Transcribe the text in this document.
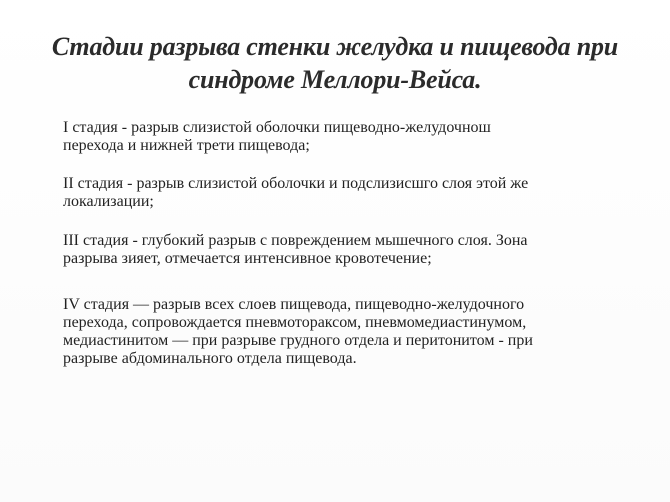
Стадии разрыва стенки желудка и пищевода при синдроме Меллори-Вейса.

I стадия - разрыв слизистой оболочки пищеводно-желудочнош
перехода и нижней трети пищевода;

II стадия - разрыв слизистой оболочки и подслизисшго слоя этой же
локализации;

III стадия - глубокий разрыв с повреждением мышечного слоя. Зона
разрыва зияет, отмечается интенсивное кровотечение;

IV стадия — разрыв всех слоев пищевода, пищеводно-желудочного
перехода, сопровождается пневмотораксом, пневмомедиастинумом,
медиастинитом — при разрыве грудного отдела и перитонитом - при
разрыве абдоминального отдела пищевода.
